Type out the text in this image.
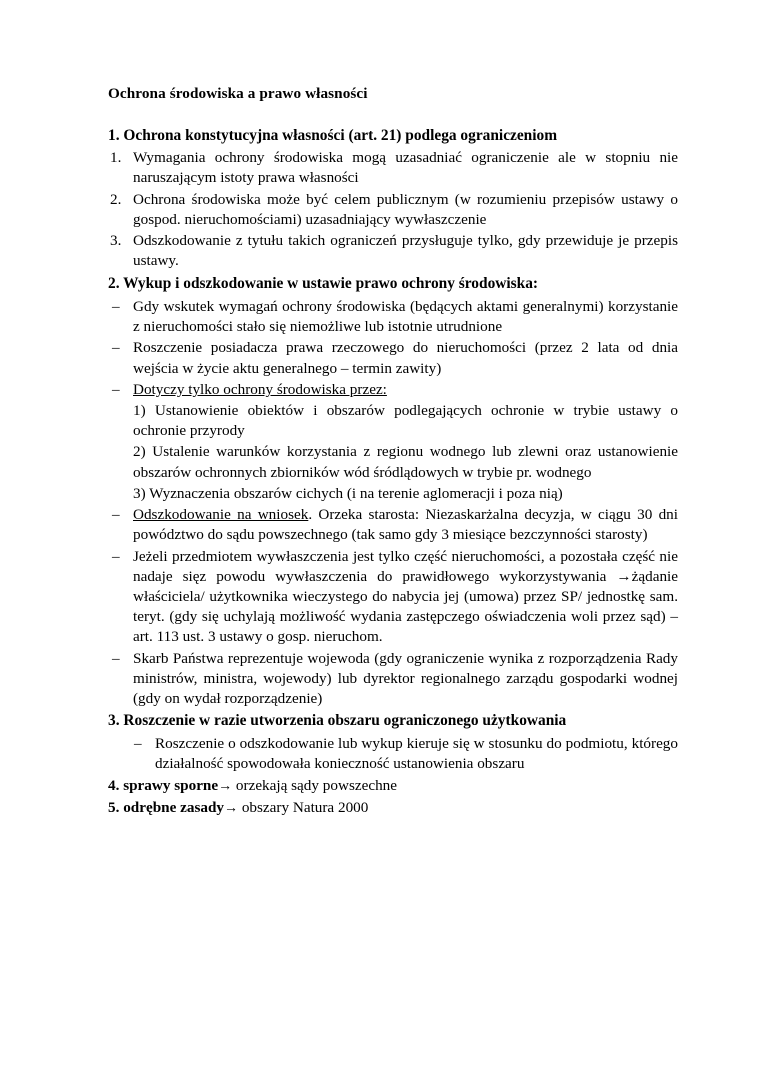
Ochrona środowiska a prawo własności
1. Ochrona konstytucyjna własności (art. 21) podlega ograniczeniom
1. Wymagania ochrony środowiska mogą uzasadniać ograniczenie ale w stopniu nie naruszającym istoty prawa własności
2. Ochrona środowiska może być celem publicznym (w rozumieniu przepisów ustawy o gospod. nieruchomościami) uzasadniający wywłaszczenie
3. Odszkodowanie z tytułu takich ograniczeń przysługuje tylko, gdy przewiduje je przepis ustawy.
2. Wykup i odszkodowanie w ustawie prawo ochrony środowiska:
– Gdy wskutek wymagań ochrony środowiska (będących aktami generalnymi) korzystanie z nieruchomości stało się niemożliwe lub istotnie utrudnione
– Roszczenie posiadacza prawa rzeczowego do nieruchomości (przez 2 lata od dnia wejścia w życie aktu generalnego – termin zawity)
– Dotyczy tylko ochrony środowiska przez:
1) Ustanowienie obiektów i obszarów podlegających ochronie w trybie ustawy o ochronie przyrody
2) Ustalenie warunków korzystania z regionu wodnego lub zlewni oraz ustanowienie obszarów ochronnych zbiorników wód śródlądowych w trybie pr. wodnego
3) Wyznaczenia obszarów cichych (i na terenie aglomeracji i poza nią)
– Odszkodowanie na wniosek. Orzeka starosta: Niezaskarżalna decyzja, w ciągu 30 dni powództwo do sądu powszechnego (tak samo gdy 3 miesiące bezczynności starosty)
– Jeżeli przedmiotem wywłaszczenia jest tylko część nieruchomości, a pozostała część nie nadaje sięz powodu wywłaszczenia do prawidłowego wykorzystywania →żądanie właściciela/ użytkownika wieczystego do nabycia jej (umowa) przez SP/ jednostkę sam. teryt. (gdy się uchylają możliwość wydania zastępczego oświadczenia woli przez sąd) – art. 113 ust. 3 ustawy o gosp. nieruchom.
– Skarb Państwa reprezentuje wojewoda (gdy ograniczenie wynika z rozporządzenia Rady ministrów, ministra, wojewody) lub dyrektor regionalnego zarządu gospodarki wodnej (gdy on wydał rozporządzenie)
3. Roszczenie w razie utworzenia obszaru ograniczonego użytkowania
– Roszczenie o odszkodowanie lub wykup kieruje się w stosunku do podmiotu, którego działalność spowodowała konieczność ustanowienia obszaru
4. sprawy sporne→ orzekają sądy powszechne
5. odrębne zasady→ obszary Natura 2000
